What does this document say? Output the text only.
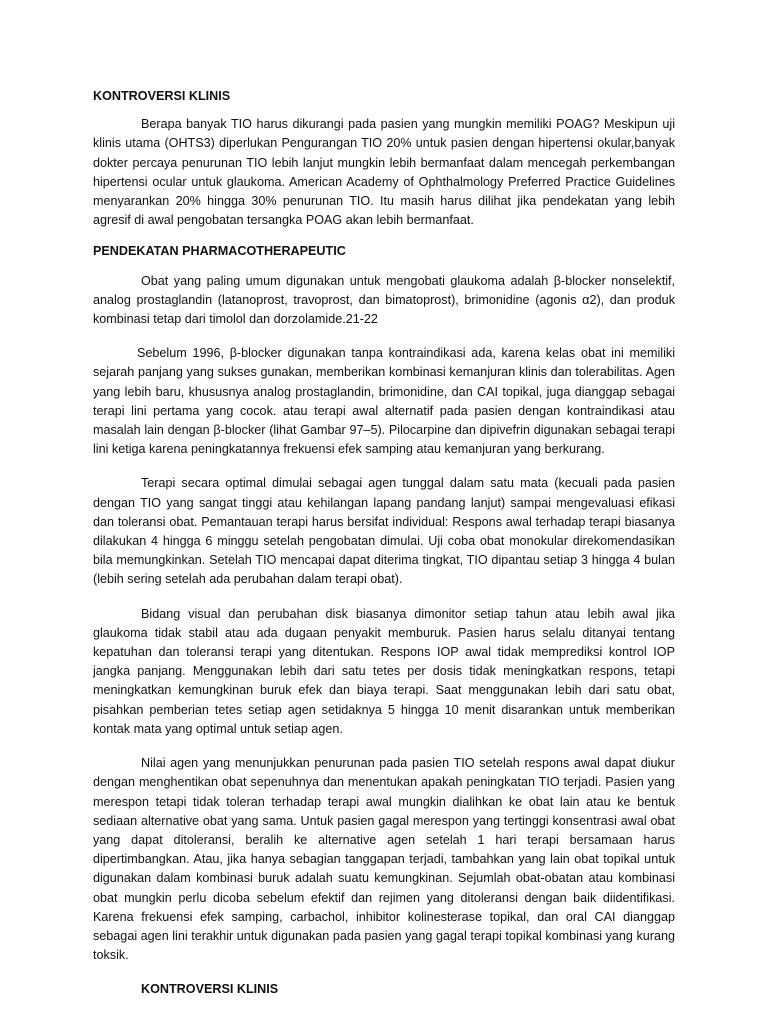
KONTROVERSI KLINIS

Berapa banyak TIO harus dikurangi pada pasien yang mungkin memiliki POAG? Meskipun uji klinis utama (OHTS3) diperlukan Pengurangan TIO 20% untuk pasien dengan hipertensi okular,banyak dokter percaya penurunan TIO lebih lanjut mungkin lebih bermanfaat dalam mencegah perkembangan hipertensi ocular untuk glaukoma. American Academy of Ophthalmology Preferred Practice Guidelines menyarankan 20% hingga 30% penurunan TIO. Itu masih harus dilihat jika pendekatan yang lebih agresif di awal pengobatan tersangka POAG akan lebih bermanfaat.

PENDEKATAN PHARMACOTHERAPEUTIC

Obat yang paling umum digunakan untuk mengobati glaukoma adalah β-blocker nonselektif, analog prostaglandin (latanoprost, travoprost, dan bimatoprost), brimonidine (agonis α2), dan produk kombinasi tetap dari timolol dan dorzolamide.21-22

Sebelum 1996, β-blocker digunakan tanpa kontraindikasi ada, karena kelas obat ini memiliki sejarah panjang yang sukses gunakan, memberikan kombinasi kemanjuran klinis dan tolerabilitas. Agen yang lebih baru, khususnya analog prostaglandin, brimonidine, dan CAI topikal, juga dianggap sebagai terapi lini pertama yang cocok. atau terapi awal alternatif pada pasien dengan kontraindikasi atau masalah lain dengan β-blocker (lihat Gambar 97–5). Pilocarpine dan dipivefrin digunakan sebagai terapi lini ketiga karena peningkatannya frekuensi efek samping atau kemanjuran yang berkurang.

Terapi secara optimal dimulai sebagai agen tunggal dalam satu mata (kecuali pada pasien dengan TIO yang sangat tinggi atau kehilangan lapang pandang lanjut) sampai mengevaluasi efikasi dan toleransi obat. Pemantauan terapi harus bersifat individual: Respons awal terhadap terapi biasanya dilakukan 4 hingga 6 minggu setelah pengobatan dimulai. Uji coba obat monokular direkomendasikan bila memungkinkan. Setelah TIO mencapai dapat diterima tingkat, TIO dipantau setiap 3 hingga 4 bulan (lebih sering setelah ada perubahan dalam terapi obat).

Bidang visual dan perubahan disk biasanya dimonitor setiap tahun atau lebih awal jika glaukoma tidak stabil atau ada dugaan penyakit memburuk. Pasien harus selalu ditanyai tentang kepatuhan dan toleransi terapi yang ditentukan. Respons IOP awal tidak memprediksi kontrol IOP jangka panjang. Menggunakan lebih dari satu tetes per dosis tidak meningkatkan respons, tetapi meningkatkan kemungkinan buruk efek dan biaya terapi. Saat menggunakan lebih dari satu obat, pisahkan pemberian tetes setiap agen setidaknya 5 hingga 10 menit disarankan untuk memberikan kontak mata yang optimal untuk setiap agen.

Nilai agen yang menunjukkan penurunan pada pasien TIO setelah respons awal dapat diukur dengan menghentikan obat sepenuhnya dan menentukan apakah peningkatan TIO terjadi. Pasien yang merespon tetapi tidak toleran terhadap terapi awal mungkin dialihkan ke obat lain atau ke bentuk sediaan alternative obat yang sama. Untuk pasien gagal merespon yang tertinggi konsentrasi awal obat yang dapat ditoleransi, beralih ke alternative agen setelah 1 hari terapi bersamaan harus dipertimbangkan. Atau, jika hanya sebagian tanggapan terjadi, tambahkan yang lain obat topikal untuk digunakan dalam kombinasi buruk adalah suatu kemungkinan. Sejumlah obat-obatan atau kombinasi obat mungkin perlu dicoba sebelum efektif dan rejimen yang ditoleransi dengan baik diidentifikasi. Karena frekuensi efek samping, carbachol, inhibitor kolinesterase topikal, dan oral CAI dianggap sebagai agen lini terakhir untuk digunakan pada pasien yang gagal terapi topikal kombinasi yang kurang toksik.

KONTROVERSI KLINIS
